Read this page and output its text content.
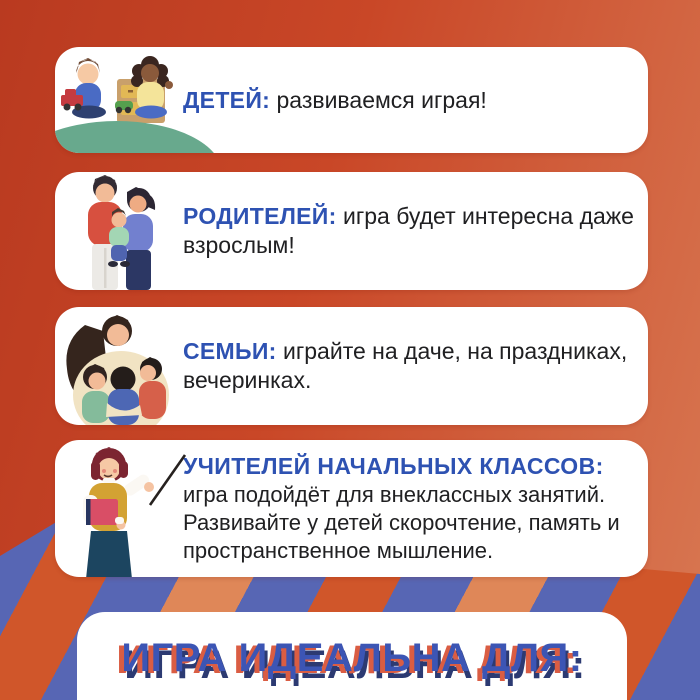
ДЕТЕЙ: развиваемся играя!

РОДИТЕЛЕЙ: игра будет интересна даже взрослым!

СЕМЬИ: играйте на даче, на праздниках, вечеринках.

УЧИТЕЛЕЙ НАЧАЛЬНЫХ КЛАССОВ:
игра подойдёт для внеклассных занятий. Развивайте у детей скорочтение, память и пространственное мышление.

ИГРА ИДЕАЛЬНА ДЛЯ:
